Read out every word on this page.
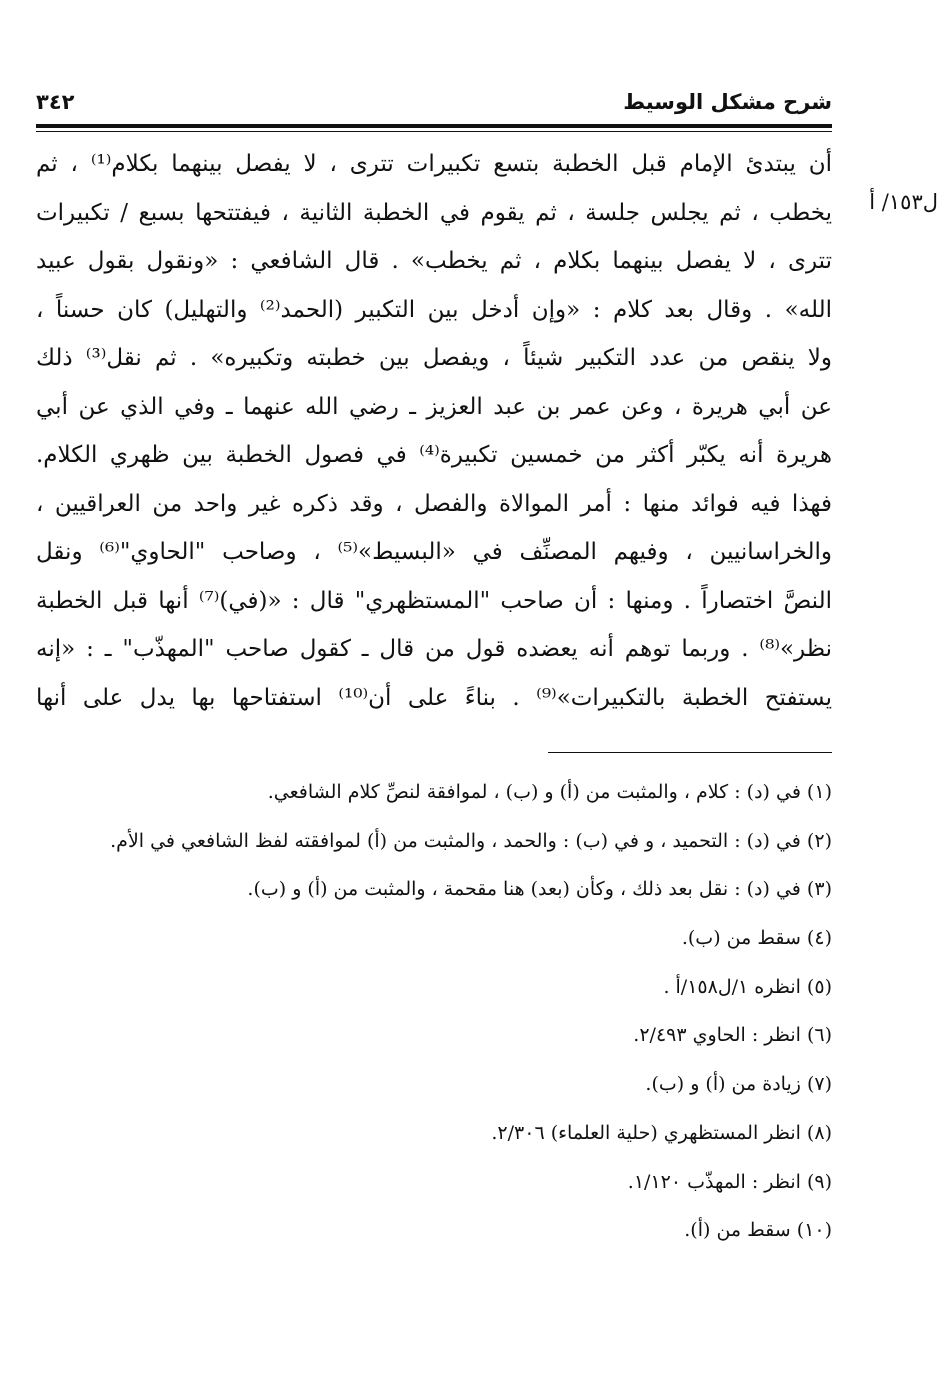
شرح مشكل الوسيط
٣٤٢
ل١٥٣/ أ
أن يبتدئ الإمام قبل الخطبة بتسع تكبيرات تترى ، لا يفصل بينهما بكلام⁽¹⁾ ، ثم
يخطب ، ثم يجلس جلسة ، ثم يقوم في الخطبة الثانية ، فيفتتحها بسبع / تكبيرات
تترى ، لا يفصل بينهما بكلام ، ثم يخطب» . قال الشافعي : «ونقول بقول عبيد
الله» . وقال بعد كلام : «وإن أدخل بين التكبير (الحمد⁽²⁾ والتهليل) كان حسناً ،
ولا ينقص من عدد التكبير شيئاً ، ويفصل بين خطبته وتكبيره» . ثم نقل⁽³⁾ ذلك
عن أبي هريرة ، وعن عمر بن عبد العزيز ـ رضي الله عنهما ـ وفي الذي عن أبي
هريرة أنه يكبّر أكثر من خمسين تكبيرة⁽⁴⁾ في فصول الخطبة بين ظهري الكلام.
فهذا فيه فوائد منها : أمر الموالاة والفصل ، وقد ذكره غير واحد من العراقيين ،
والخراسانيين ، وفيهم المصنِّف في «البسيط»⁽⁵⁾ ، وصاحب "الحاوي"⁽⁶⁾ ونقل
النصَّ اختصاراً . ومنها : أن صاحب "المستظهري" قال : «(في)⁽⁷⁾ أنها قبل الخطبة
نظر»⁽⁸⁾ . وربما توهم أنه يعضده قول من قال ـ كقول صاحب "المهذّب" ـ : «إنه
يستفتح الخطبة بالتكبيرات»⁽⁹⁾ . بناءً على أن⁽¹⁰⁾ استفتاحها بها يدل على أنها
(١) في (د) : كلام ، والمثبت من (أ) و (ب) ، لموافقة لنصِّ كلام الشافعي.
(٢) في (د) : التحميد ، و في (ب) : والحمد ، والمثبت من (أ) لموافقته لفظ الشافعي في الأم.
(٣) في (د) : نقل بعد ذلك ، وكأن (بعد) هنا مقحمة ، والمثبت من (أ) و (ب).
(٤) سقط من (ب).
(٥) انظره ١/ل١٥٨/أ .
(٦) انظر : الحاوي ٢/٤٩٣.
(٧) زيادة من (أ) و (ب).
(٨) انظر المستظهري (حلية العلماء) ٢/٣٠٦.
(٩) انظر : المهذّب ١/١٢٠.
(١٠) سقط من (أ).
